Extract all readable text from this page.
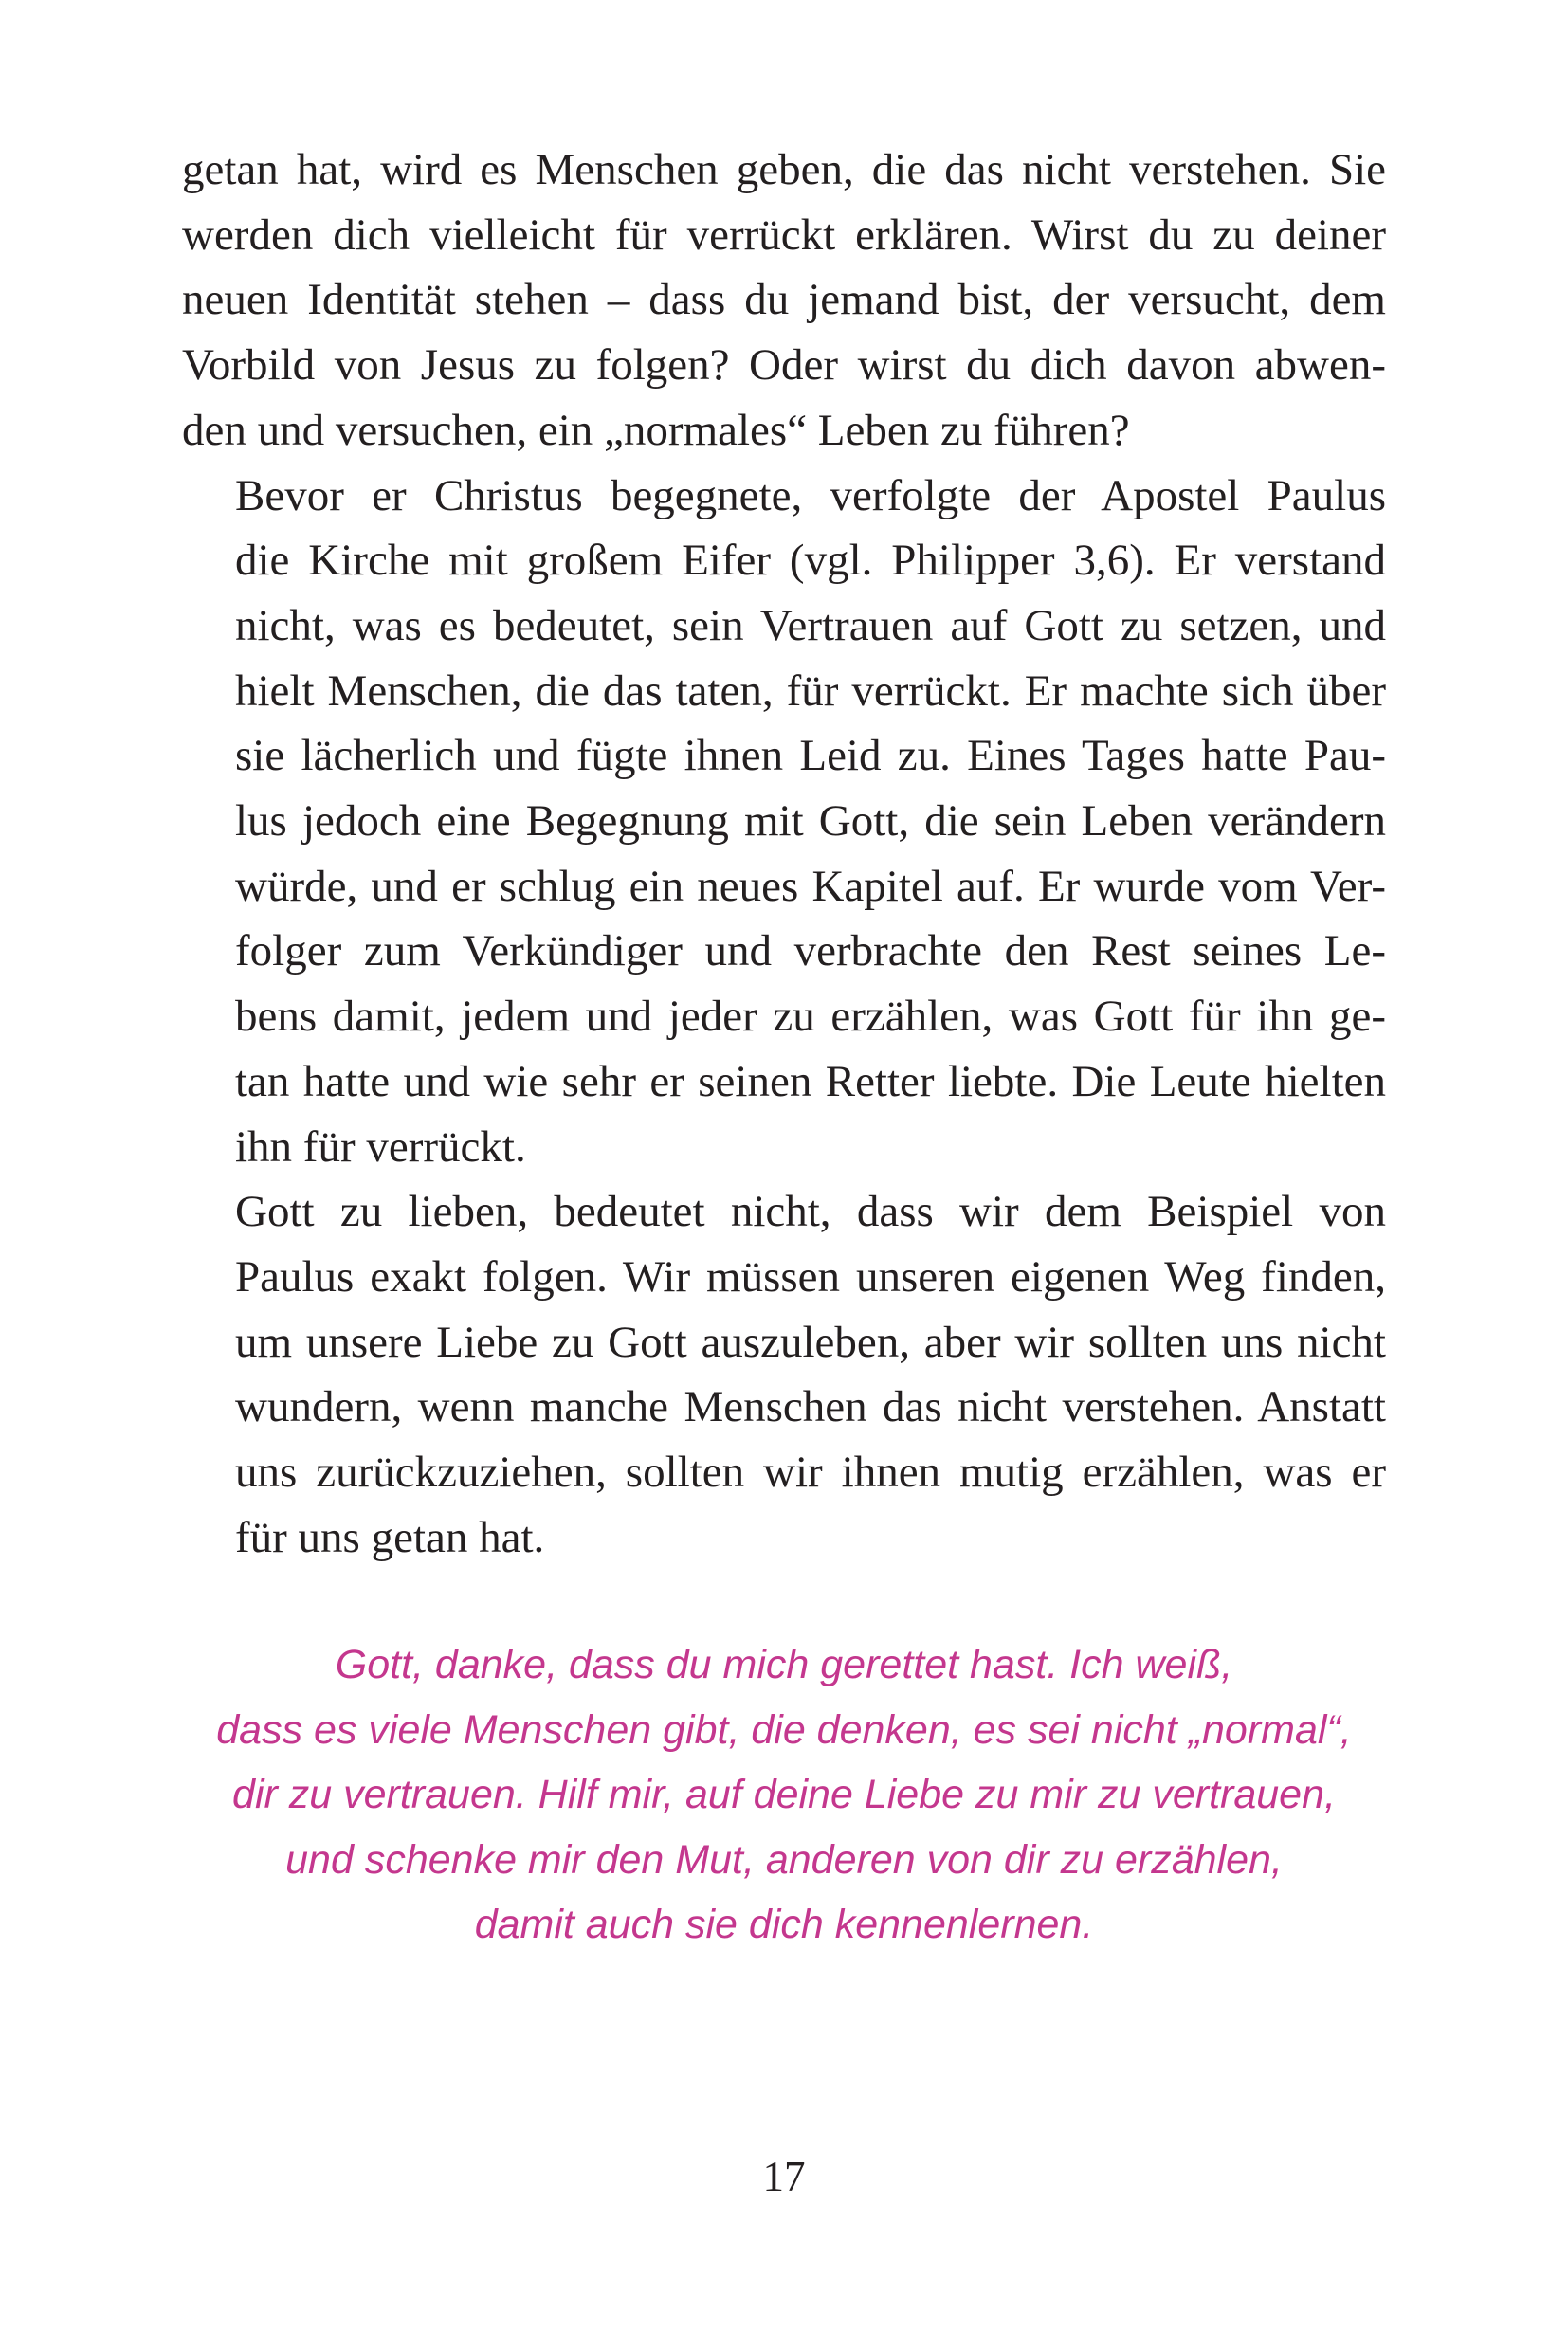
getan hat, wird es Menschen geben, die das nicht verstehen. Sie
werden dich vielleicht für verrückt erklären. Wirst du zu deiner
neuen Identität stehen – dass du jemand bist, der versucht, dem
Vorbild von Jesus zu folgen? Oder wirst du dich davon abwen-
den und versuchen, ein „normales“ Leben zu führen?

Bevor er Christus begegnete, verfolgte der Apostel Paulus
die Kirche mit großem Eifer (vgl. Philipper 3,6). Er verstand
nicht, was es bedeutet, sein Vertrauen auf Gott zu setzen, und
hielt Menschen, die das taten, für verrückt. Er machte sich über
sie lächerlich und fügte ihnen Leid zu. Eines Tages hatte Pau-
lus jedoch eine Begegnung mit Gott, die sein Leben verändern
würde, und er schlug ein neues Kapitel auf. Er wurde vom Ver-
folger zum Verkündiger und verbrachte den Rest seines Le-
bens damit, jedem und jeder zu erzählen, was Gott für ihn ge-
tan hatte und wie sehr er seinen Retter liebte. Die Leute hielten
ihn für verrückt.

Gott zu lieben, bedeutet nicht, dass wir dem Beispiel von
Paulus exakt folgen. Wir müssen unseren eigenen Weg finden,
um unsere Liebe zu Gott auszuleben, aber wir sollten uns nicht
wundern, wenn manche Menschen das nicht verstehen. Anstatt
uns zurückzuziehen, sollten wir ihnen mutig erzählen, was er
für uns getan hat.

Gott, danke, dass du mich gerettet hast. Ich weiß,
dass es viele Menschen gibt, die denken, es sei nicht „normal“,
dir zu vertrauen. Hilf mir, auf deine Liebe zu mir zu vertrauen,
und schenke mir den Mut, anderen von dir zu erzählen,
damit auch sie dich kennenlernen.
17
